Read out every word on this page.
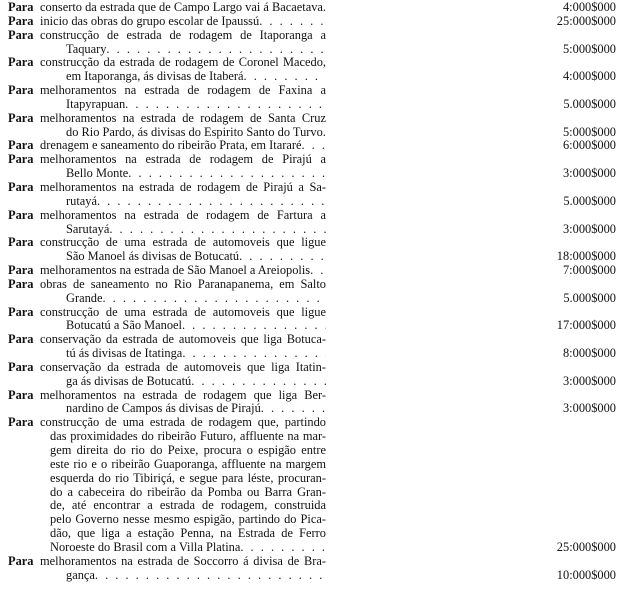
Para conserto da estrada que de Campo Largo vai á Bacaetava . .	4:000$000
Para inicio das obras do grupo escolar de Ipaussú . .	25:000$000
Para construcção de estrada de rodagem de Itaporanga a
Taquary . .	5:000$000
Para construcção da estrada de rodagem de Coronel Macedo,
em Itaporanga, ás divisas de Itaberá . .	4:000$000
Para melhoramentos na estrada de rodagem de Faxina a
Itapyrapuan . .	5.000$000
Para melhoramentos na estrada de rodagem de Santa Cruz
do Rio Pardo, ás divisas do Espirito Santo do Turvo . .	5:000$000
Para drenagem e saneamento do ribeirão Prata, em Itararé . .	6:000$000
Para melhoramentos na estrada de rodagem de Pirajú a
Bello Monte . .	3:000$000
Para melhoramentos na estrada de rodagem de Pirajú a Sa-
rutayá . .	5.000$000
Para melhoramentos na estrada de rodagem de Fartura a
Sarutayá . .	3:000$000
Para construcção de uma estrada de automoveis que ligue
São Manoel ás divisas de Botucatú . .	18:000$000
Para melhoramentos na estrada de São Manoel a Areiopolis . .	7:000$000
Para obras de saneamento no Rio Paranapanema, em Salto
Grande . .	5.000$000
Para construcção de uma estrada de automoveis que ligue
Botucatú a São Manoel . .	17:000$000
Para conservação da estrada de automoveis que liga Botuca-
tú ás divisas de Itatinga . .	8:000$000
Para conservação da estrada de automoveis que liga Itatin-
ga ás divisas de Botucatú . .	3:000$000
Para melhoramentos na estrada de rodagem que liga Ber-
nardino de Campos ás divisas de Pirajú . .	3:000$000
Para construcção de uma estrada de rodagem que, partindo
das proximidades do ribeirão Futuro, affluente na mar-
gem direita do rio do Peixe, procura o espigão entre
este rio e o ribeirão Guaporanga, affluente na margem
esquerda do rio Tibiriçá, e segue para léste, procuran-
do a cabeceira do ribeirão da Pomba ou Barra Gran-
de, até encontrar a estrada de rodagem, construida
pelo Governo nesse mesmo espigão, partindo do Pica-
dão, que liga a estação Penna, na Estrada de Ferro
Noroeste do Brasil com a Villa Platina . .	25:000$000
Para melhoramentos na estrada de Soccorro á divisa de Bra-
gança . .	10:000$000
